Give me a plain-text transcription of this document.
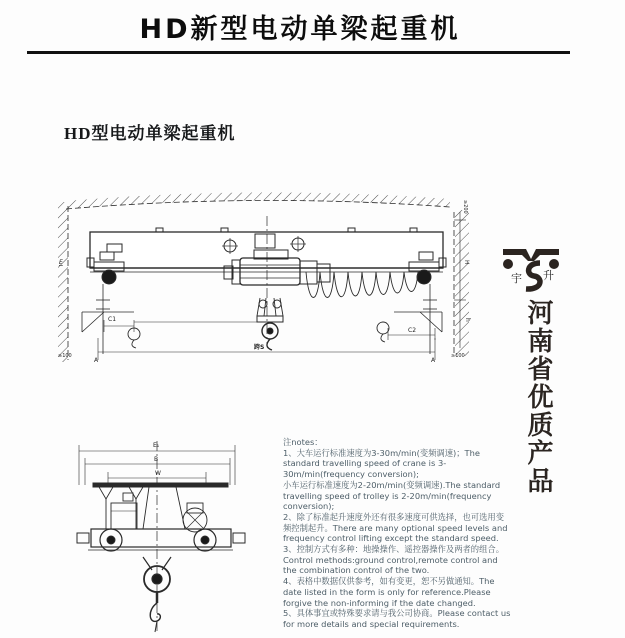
HD新型电动单梁起重机
HD型电动单梁起重机
E
≥100
A
C1
跨S
C2
A
≥100
≥200
H
h
E₁
B
W

注notes：

1、大车运行标准速度为3-30m/min(变频调速)；The standard travelling speed of crane is 3-30m/min(frequency conversion);

小车运行标准速度为2-20m/min(变频调速).The standard travelling speed of trolley is 2-20m/min(frequency conversion);

2、除了标准起升速度外还有很多速度可供选择，也可选用变频控制起升。There are many optional speed levels and frequency control lifting except the standard speed.

3、控制方式有多种：地操操作、遥控器操作及两者的组合。Control methods:ground control,remote control and the combination control of the two.

4、表格中数据仅供参考，如有变更，恕不另做通知。The date listed in the form is only for reference.Please forgive the non-informing if the date changed.

5、具体事宜或特殊要求请与我公司协商。Please contact us for more details and special requirements.

宇 升
河南省优质产品
